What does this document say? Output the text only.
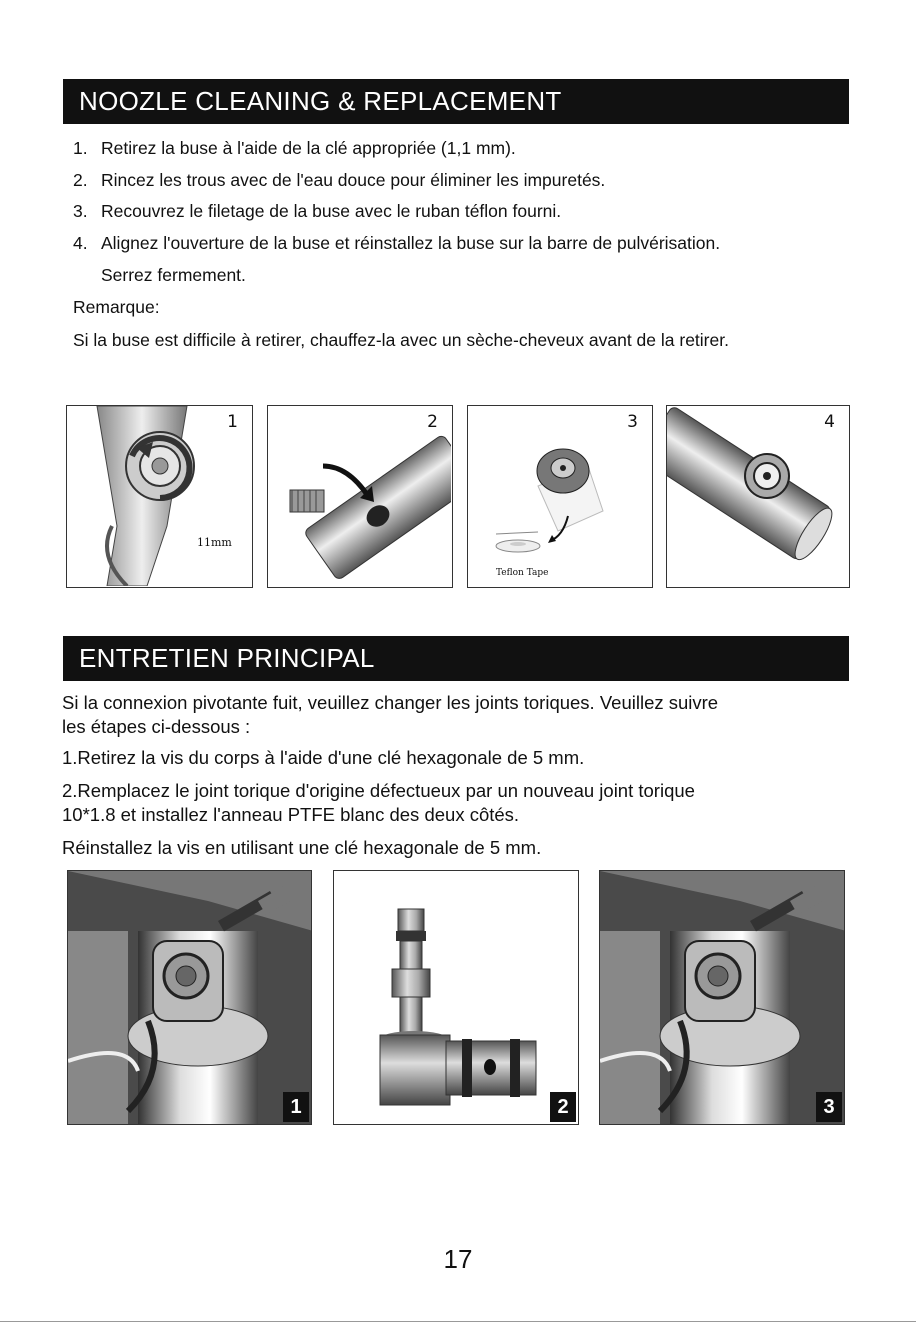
NOOZLE CLEANING & REPLACEMENT
1. Retirez la buse à l'aide de la clé appropriée (1,1 mm).
2. Rincez les trous avec de l'eau douce pour éliminer les impuretés.
3. Recouvrez le filetage de la buse avec le ruban téflon fourni.
4. Alignez l'ouverture de la buse et réinstallez la buse sur la barre de pulvérisation.
Serrez fermement.
Remarque:
Si la buse est difficile à retirer, chauffez-la avec un sèche-cheveux avant de la retirer.
1
11mm
2	3
Teflon Tape
4
ENTRETIEN PRINCIPAL
Si la connexion pivotante fuit, veuillez changer les joints toriques. Veuillez suivre
les étapes ci-dessous :
1.Retirez la vis du corps à l'aide d'une clé hexagonale de 5 mm.
2.Remplacez le joint torique d'origine défectueux par un nouveau joint torique
10*1.8 et installez l'anneau PTFE blanc des deux côtés.
Réinstallez la vis en utilisant une clé hexagonale de 5 mm.
1	2	3
17
